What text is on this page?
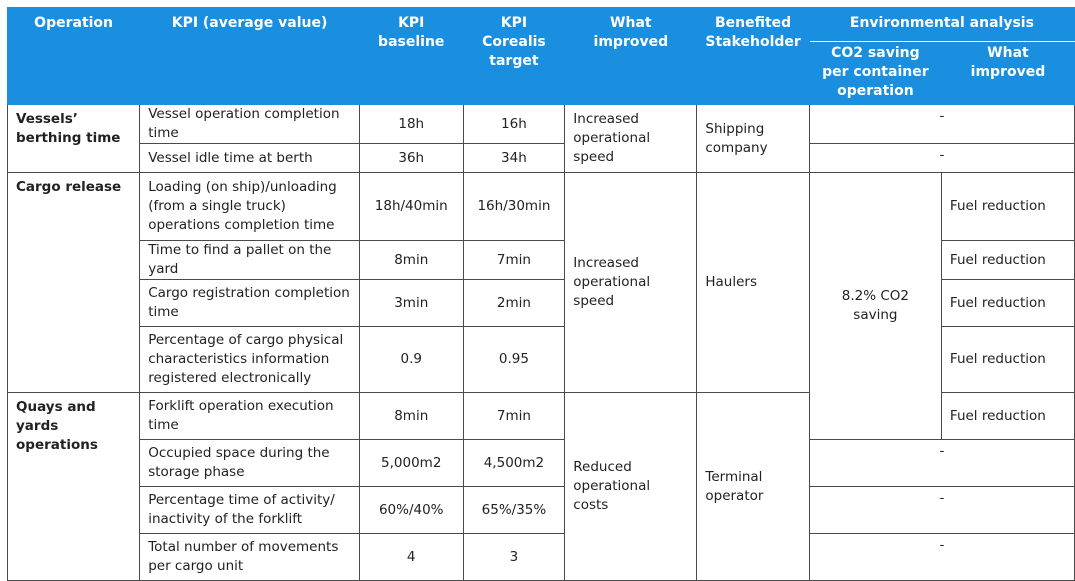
Operation	KPI (average value)	KPI baseline	KPI Corealis target	What improved	Benefited Stakeholder	Environmental analysis	
						CO2 saving per container operation	What improved
Vessels’ berthing time	Vessel operation completion time	18h	16h	Increased operational speed	Shipping company	-	
	Vessel idle time at berth	36h	34h			-	
Cargo release	Loading (on ship)/unloading (from a single truck) operations completion time	18h/40min	16h/30min	Increased operational speed	Haulers	8.2% CO2 saving	Fuel reduction
	Time to find a pallet on the yard	8min	7min				Fuel reduction
	Cargo registration completion time	3min	2min				Fuel reduction
	Percentage of cargo physical characteristics information registered electronically	0.9	0.95				Fuel reduction
Quays and yards operations	Forklift operation execution time	8min	7min	Reduced operational costs	Terminal operator		Fuel reduction
	Occupied space during the storage phase	5,000m2	4,500m2			-	
	Percentage time of activity/ inactivity of the forklift	60%/40%	65%/35%			-	
	Total number of movements per cargo unit	4	3			-	
